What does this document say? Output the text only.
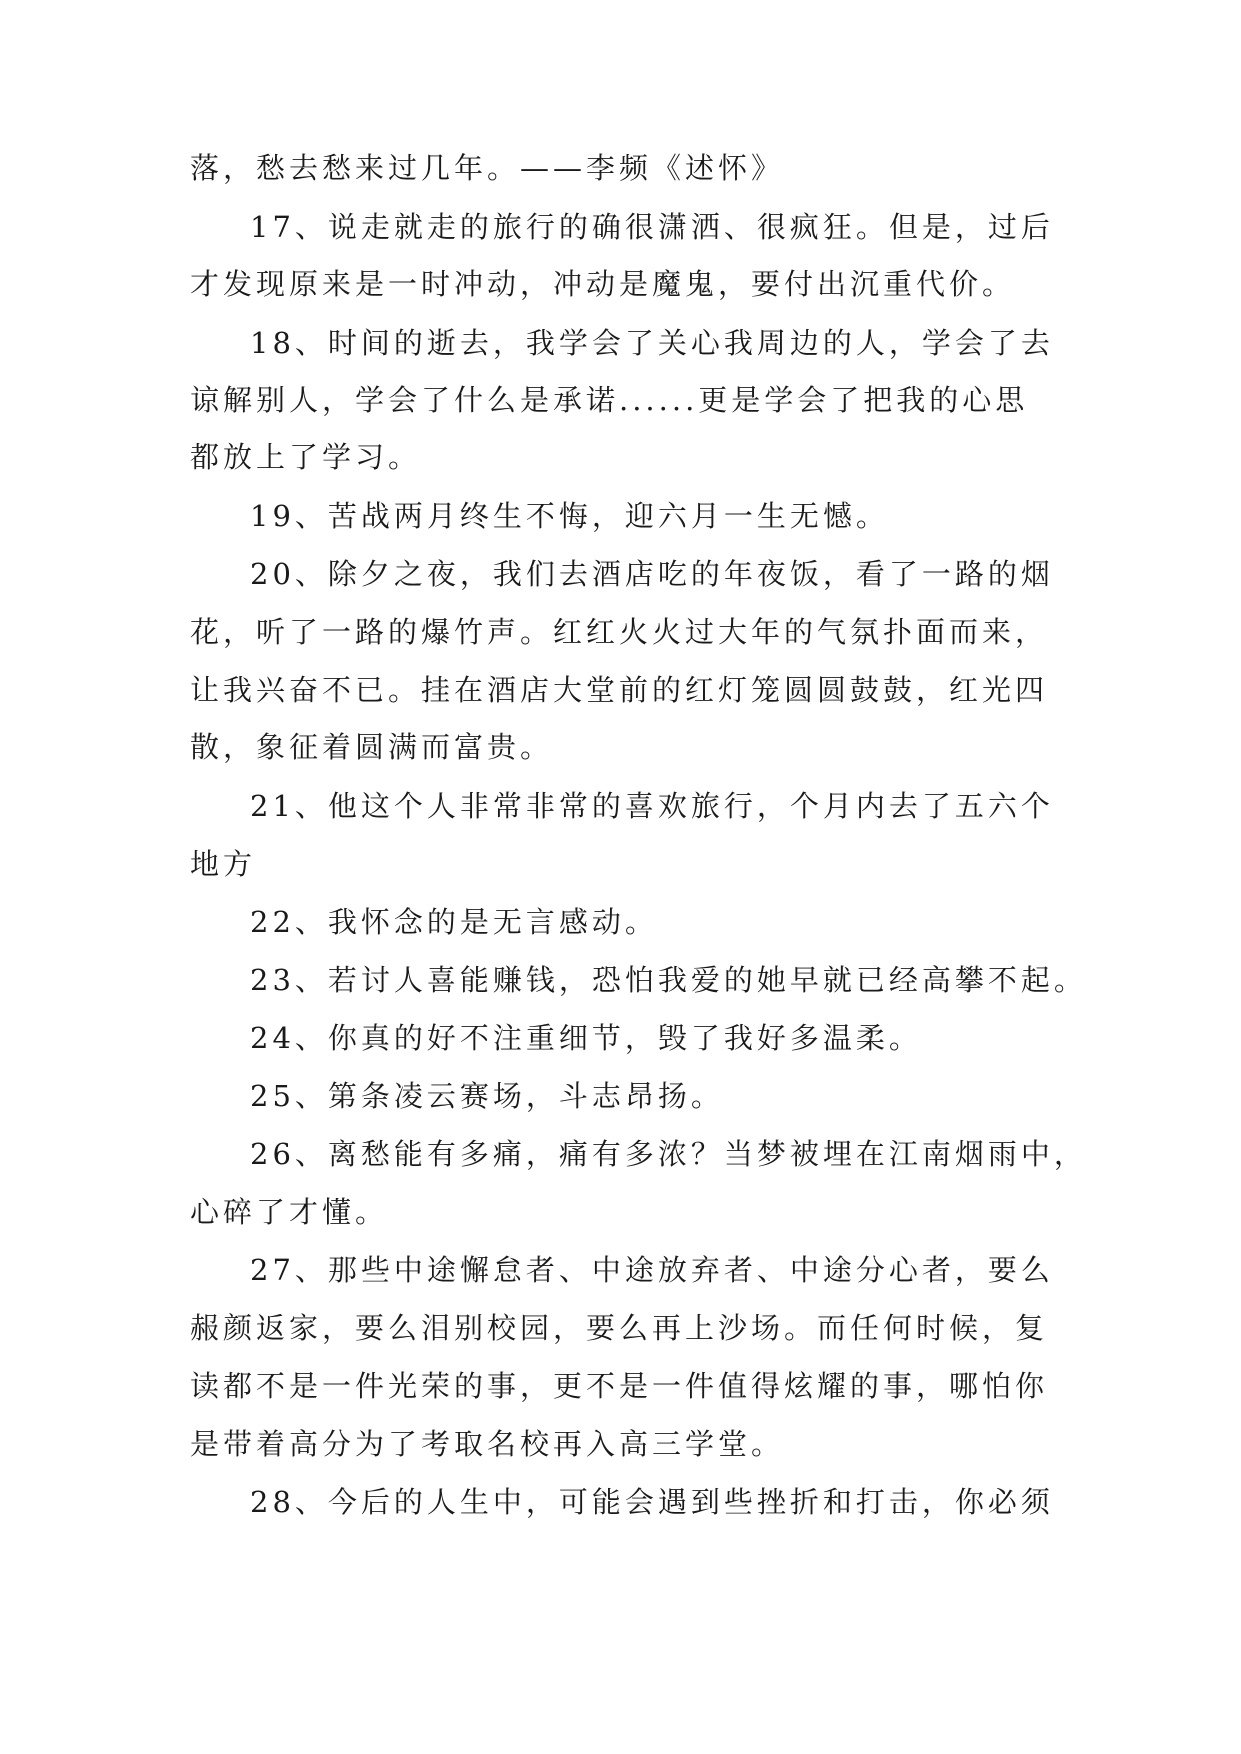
落，愁去愁来过几年。——李频《述怀》
17、说走就走的旅行的确很潇洒、很疯狂。但是，过后
才发现原来是一时冲动，冲动是魔鬼，要付出沉重代价。
18、时间的逝去，我学会了关心我周边的人，学会了去
谅解别人，学会了什么是承诺......更是学会了把我的心思
都放上了学习。
19、苦战两月终生不悔，迎六月一生无憾。
20、除夕之夜，我们去酒店吃的年夜饭，看了一路的烟
花，听了一路的爆竹声。红红火火过大年的气氛扑面而来，
让我兴奋不已。挂在酒店大堂前的红灯笼圆圆鼓鼓，红光四
散，象征着圆满而富贵。
21、他这个人非常非常的喜欢旅行，个月内去了五六个
地方
22、我怀念的是无言感动。
23、若讨人喜能赚钱，恐怕我爱的她早就已经高攀不起。
24、你真的好不注重细节，毁了我好多温柔。
25、第条凌云赛场，斗志昂扬。
26、离愁能有多痛，痛有多浓？当梦被埋在江南烟雨中，
心碎了才懂。
27、那些中途懈怠者、中途放弃者、中途分心者，要么
赧颜返家，要么泪别校园，要么再上沙场。而任何时候，复
读都不是一件光荣的事，更不是一件值得炫耀的事，哪怕你
是带着高分为了考取名校再入高三学堂。
28、今后的人生中，可能会遇到些挫折和打击，你必须
